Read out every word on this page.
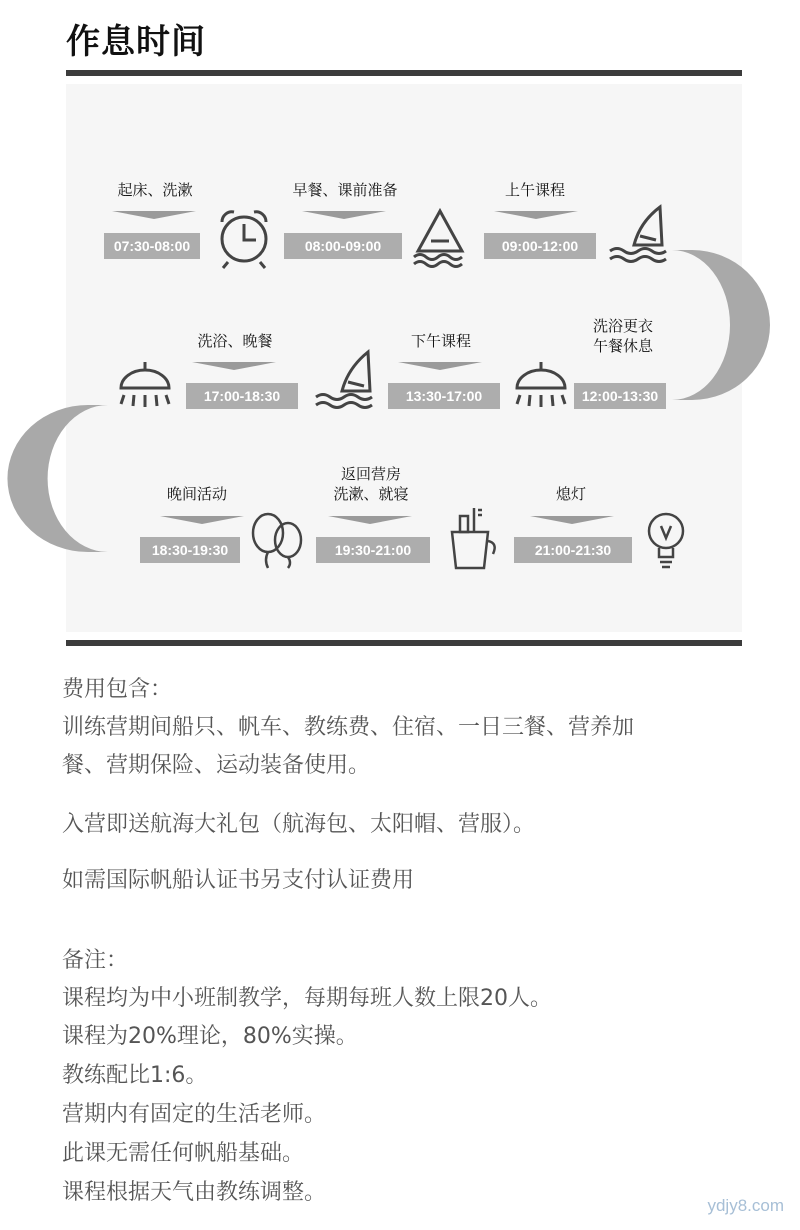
作息时间
起床、洗漱
07:30-08:00
早餐、课前准备
08:00-09:00
上午课程
09:00-12:00
洗浴更衣
午餐休息
12:00-13:30
下午课程
13:30-17:00
洗浴、晚餐
17:00-18:30
晚间活动
18:30-19:30
返回营房
洗漱、就寝
19:30-21:00
熄灯
21:00-21:30
费用包含：
训练营期间船只、帆车、教练费、住宿、一日三餐、营养加
餐、营期保险、运动装备使用。
入营即送航海大礼包（航海包、太阳帽、营服）。
如需国际帆船认证书另支付认证费用
备注：
课程均为中小班制教学，每期每班人数上限20人。
课程为20%理论，80%实操。
教练配比1:6。
营期内有固定的生活老师。
此课无需任何帆船基础。
课程根据天气由教练调整。
ydjy8.com
